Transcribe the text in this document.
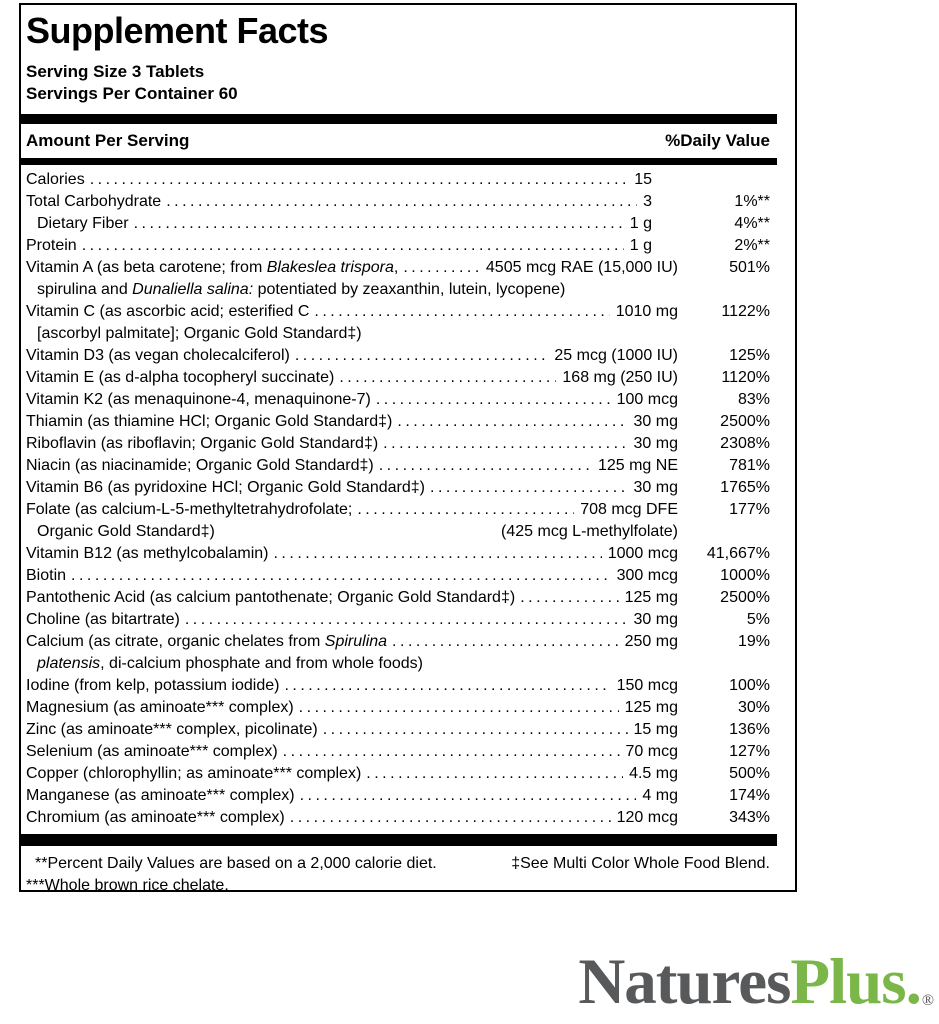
Supplement Facts
Serving Size 3 Tablets
Servings Per Container 60
Amount Per Serving	%Daily Value
Calories .....	15
Total Carbohydrate .....	3	1%**
Dietary Fiber .....	1 g	4%**
Protein .....	1 g	2%**
Vitamin A (as beta carotene; from Blakeslea trispora, .....	4505 mcg RAE (15,000 IU)	501%
spirulina and Dunaliella salina: potentiated by zeaxanthin, lutein, lycopene)
Vitamin C (as ascorbic acid; esterified C .....	1010 mg	1122%
[ascorbyl palmitate]; Organic Gold Standard‡)
Vitamin D3 (as vegan cholecalciferol) .....	25 mcg (1000 IU)	125%
Vitamin E (as d-alpha tocopheryl succinate) .....	168 mg (250 IU)	1120%
Vitamin K2 (as menaquinone-4, menaquinone-7) .....	100 mcg	83%
Thiamin (as thiamine HCl; Organic Gold Standard‡) .....	30 mg	2500%
Riboflavin (as riboflavin; Organic Gold Standard‡) .....	30 mg	2308%
Niacin (as niacinamide; Organic Gold Standard‡) .....	125 mg NE	781%
Vitamin B6 (as pyridoxine HCl; Organic Gold Standard‡) .....	30 mg	1765%
Folate (as calcium-L-5-methyltetrahydrofolate; .....	708 mcg DFE	177%
Organic Gold Standard‡)	(425 mcg L-methylfolate)
Vitamin B12 (as methylcobalamin) .....	1000 mcg	41,667%
Biotin .....	300 mcg	1000%
Pantothenic Acid (as calcium pantothenate; Organic Gold Standard‡) .....	125 mg	2500%
Choline (as bitartrate) .....	30 mg	5%
Calcium (as citrate, organic chelates from Spirulina .....	250 mg	19%
platensis, di-calcium phosphate and from whole foods)
Iodine (from kelp, potassium iodide) .....	150 mcg	100%
Magnesium (as aminoate*** complex) .....	125 mg	30%
Zinc (as aminoate*** complex, picolinate) .....	15 mg	136%
Selenium (as aminoate*** complex) .....	70 mcg	127%
Copper (chlorophyllin; as aminoate*** complex) .....	4.5 mg	500%
Manganese (as aminoate*** complex) .....	4 mg	174%
Chromium (as aminoate*** complex) .....	120 mcg	343%
**Percent Daily Values are based on a 2,000 calorie diet.	‡See Multi Color Whole Food Blend.
***Whole brown rice chelate.
NaturesPlus.®
